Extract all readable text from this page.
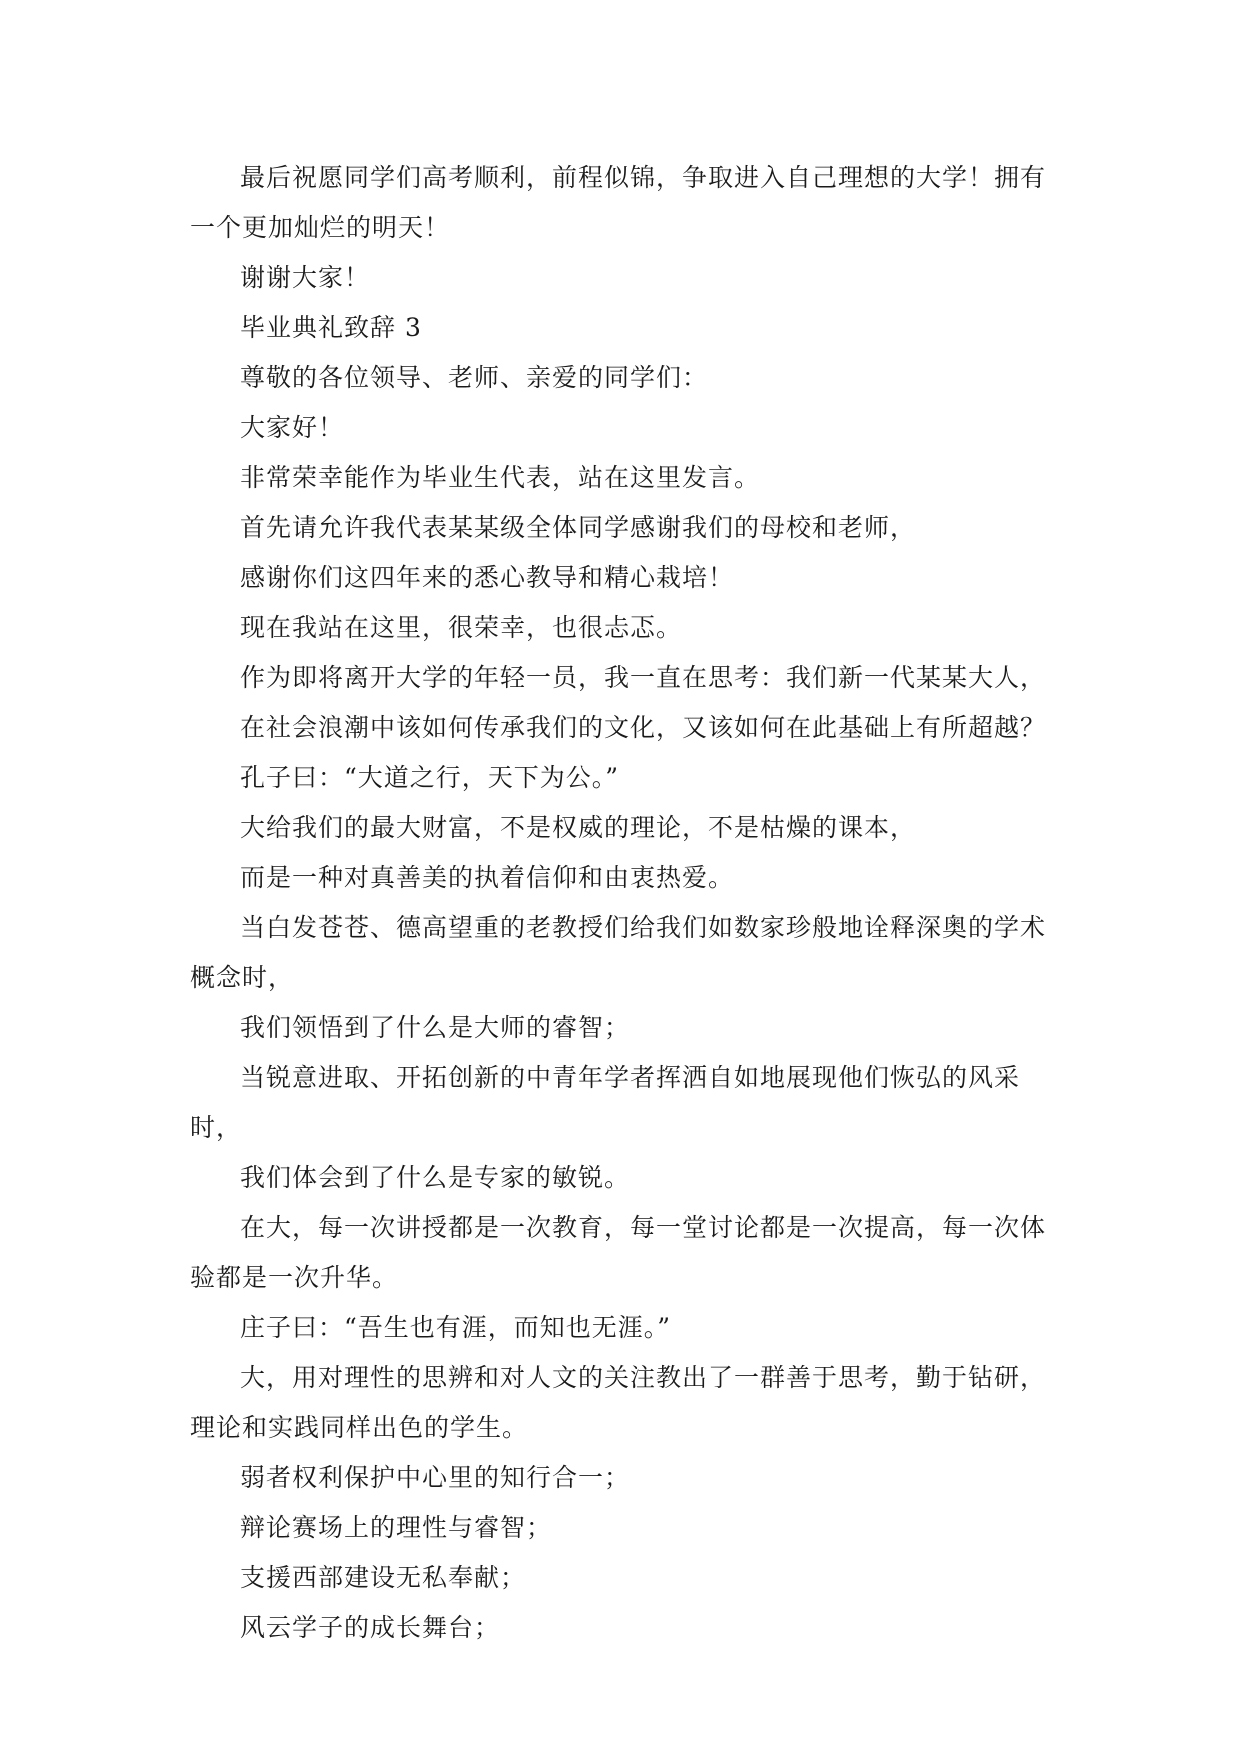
最后祝愿同学们高考顺利，前程似锦，争取进入自己理想的大学！拥有一个更加灿烂的明天！

谢谢大家！

毕业典礼致辞 3

尊敬的各位领导、老师、亲爱的同学们：

大家好！

非常荣幸能作为毕业生代表，站在这里发言。

首先请允许我代表某某级全体同学感谢我们的母校和老师，

感谢你们这四年来的悉心教导和精心栽培！

现在我站在这里，很荣幸，也很忐忑。

作为即将离开大学的年轻一员，我一直在思考：我们新一代某某大人，

在社会浪潮中该如何传承我们的文化，又该如何在此基础上有所超越？

孔子曰：“大道之行，天下为公。”

大给我们的最大财富，不是权威的理论，不是枯燥的课本，

而是一种对真善美的执着信仰和由衷热爱。

当白发苍苍、德高望重的老教授们给我们如数家珍般地诠释深奥的学术概念时，

我们领悟到了什么是大师的睿智；

当锐意进取、开拓创新的中青年学者挥洒自如地展现他们恢弘的风采时，

我们体会到了什么是专家的敏锐。

在大，每一次讲授都是一次教育，每一堂讨论都是一次提高，每一次体验都是一次升华。

庄子曰：“吾生也有涯，而知也无涯。”

大，用对理性的思辨和对人文的关注教出了一群善于思考，勤于钻研，理论和实践同样出色的学生。

弱者权利保护中心里的知行合一；

辩论赛场上的理性与睿智；

支援西部建设无私奉献；

风云学子的成长舞台；
